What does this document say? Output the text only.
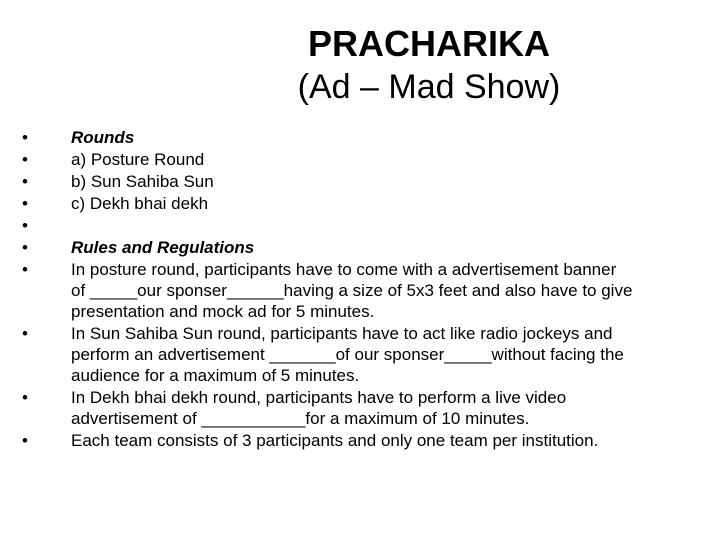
PRACHARIKA
(Ad – Mad Show)
•	Rounds
•	a) Posture Round
•	b) Sun Sahiba Sun
•	c) Dekh bhai dekh
•
•	Rules and Regulations
•	In posture round, participants have to come with a advertisement banner
of _____our sponser______having a size of 5x3 feet and also have to give
presentation and mock ad for 5 minutes.
•	In Sun Sahiba Sun round, participants have to act like radio jockeys and
perform an advertisement _______of our sponser_____without facing the
audience for a maximum of 5 minutes.
•	In Dekh bhai dekh round, participants have to perform a live video
advertisement of ___________for a maximum of 10 minutes.
•	Each team consists of 3 participants and only one team per institution.
